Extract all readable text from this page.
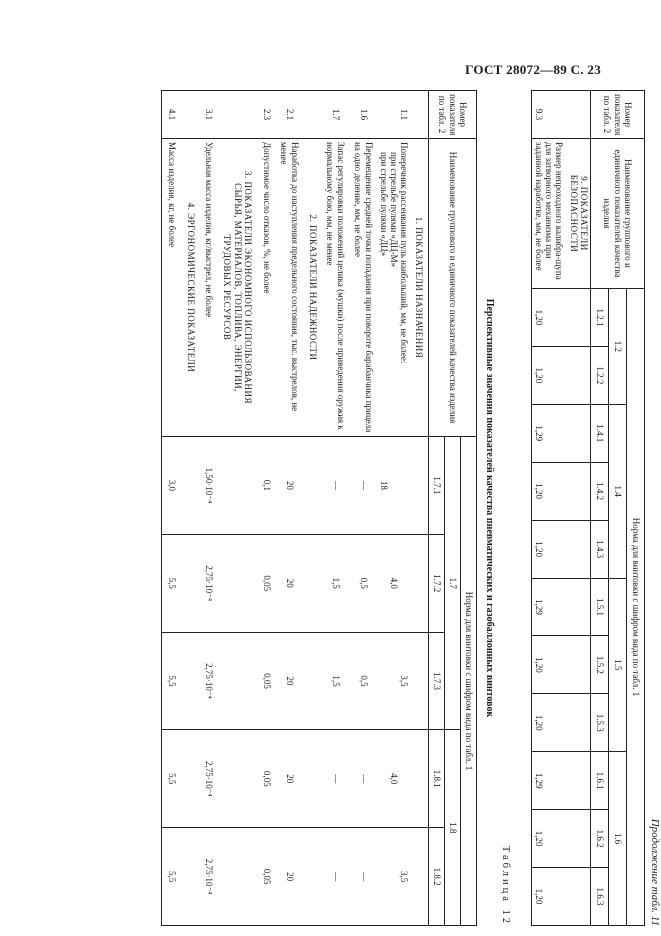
ГОСТ 28072—89 С. 23
Продолжение табл. 11
Номер показателя по табл. 2	Наименование группового и единичного показателей качества изделия	Норма для винтовки с шифром вида по табл. 1										
		1.2		1.4			1.5			1.6		
		1.2.1	1.2.2	1.4.1	1.4.2	1.4.3	1.5.1	1.5.2	1.5.3	1.6.1	1.6.2	1.6.3
9.3	9. ПОКАЗАТЕЛИ БЕЗОПАСНОСТИ
Размер непроходного калибра-щупа для затворного механизма при заданной наработке, мм, не более	1,20	1,20	1,29	1,20	1,20	1,29	1,20	1,20	1,29	1,20	1,20
Таблица 12
Перспективные значения показателей качества пневматических и газобаллонных винтовок
Номер показателя по табл. 2	Наименование группового и единичного показателей качества изделия	Норма для винтовки с шифром вида по табл. 1				
		1.7			1.8	
		1.7.1	1.7.2	1.7.3	1.8.1	1.8.2
	1. ПОКАЗАТЕЛИ НАЗНАЧЕНИЯ					
1.1	Поперечник рассеивания пуль наибольший, мм, не более:
при стрельбе пулями «ДЦ-М»
при стрельбе пулями «ДЦ»	18	4,0	3,5	4,0	3,5
1.6	Перемещение средней точки попадания при повороте барабанчика прицела на одно деление, мм, не более	—	0,5	0,5	—	—
1.7	Запас регулировки положений целика (мушки) после приведения оружия к нормальному бою, мм, не менее	—	1,5	1,5	—	—
	2. ПОКАЗАТЕЛИ НАДЕЖНОСТИ					
2.1	Наработка до наступления предельного состояния, тыс. выстрелов, не менее	20	20	20	20	20
2.3	Допустимое число отказов, %, не более	0,1	0,05	0,05	0,05	0,05
	3. ПОКАЗАТЕЛИ ЭКОНОМНОГО ИСПОЛЬЗОВАНИЯ СЫРЬЯ, МАТЕРИАЛОВ, ТОПЛИВА, ЭНЕРГИИ, ТРУДОВЫХ РЕСУРСОВ					
3.1	Удельная масса изделия, кг/выстрел, не более	1,50·10⁻⁴	2,75·10⁻⁴	2,75·10⁻⁴	2,75·10⁻⁴	2,75·10⁻⁴
	4. ЭРГОНОМИЧЕСКИЕ ПОКАЗАТЕЛИ					
4.1	Масса изделия, кг, не более	3,0	5,5	5,5	5,5	5,5
